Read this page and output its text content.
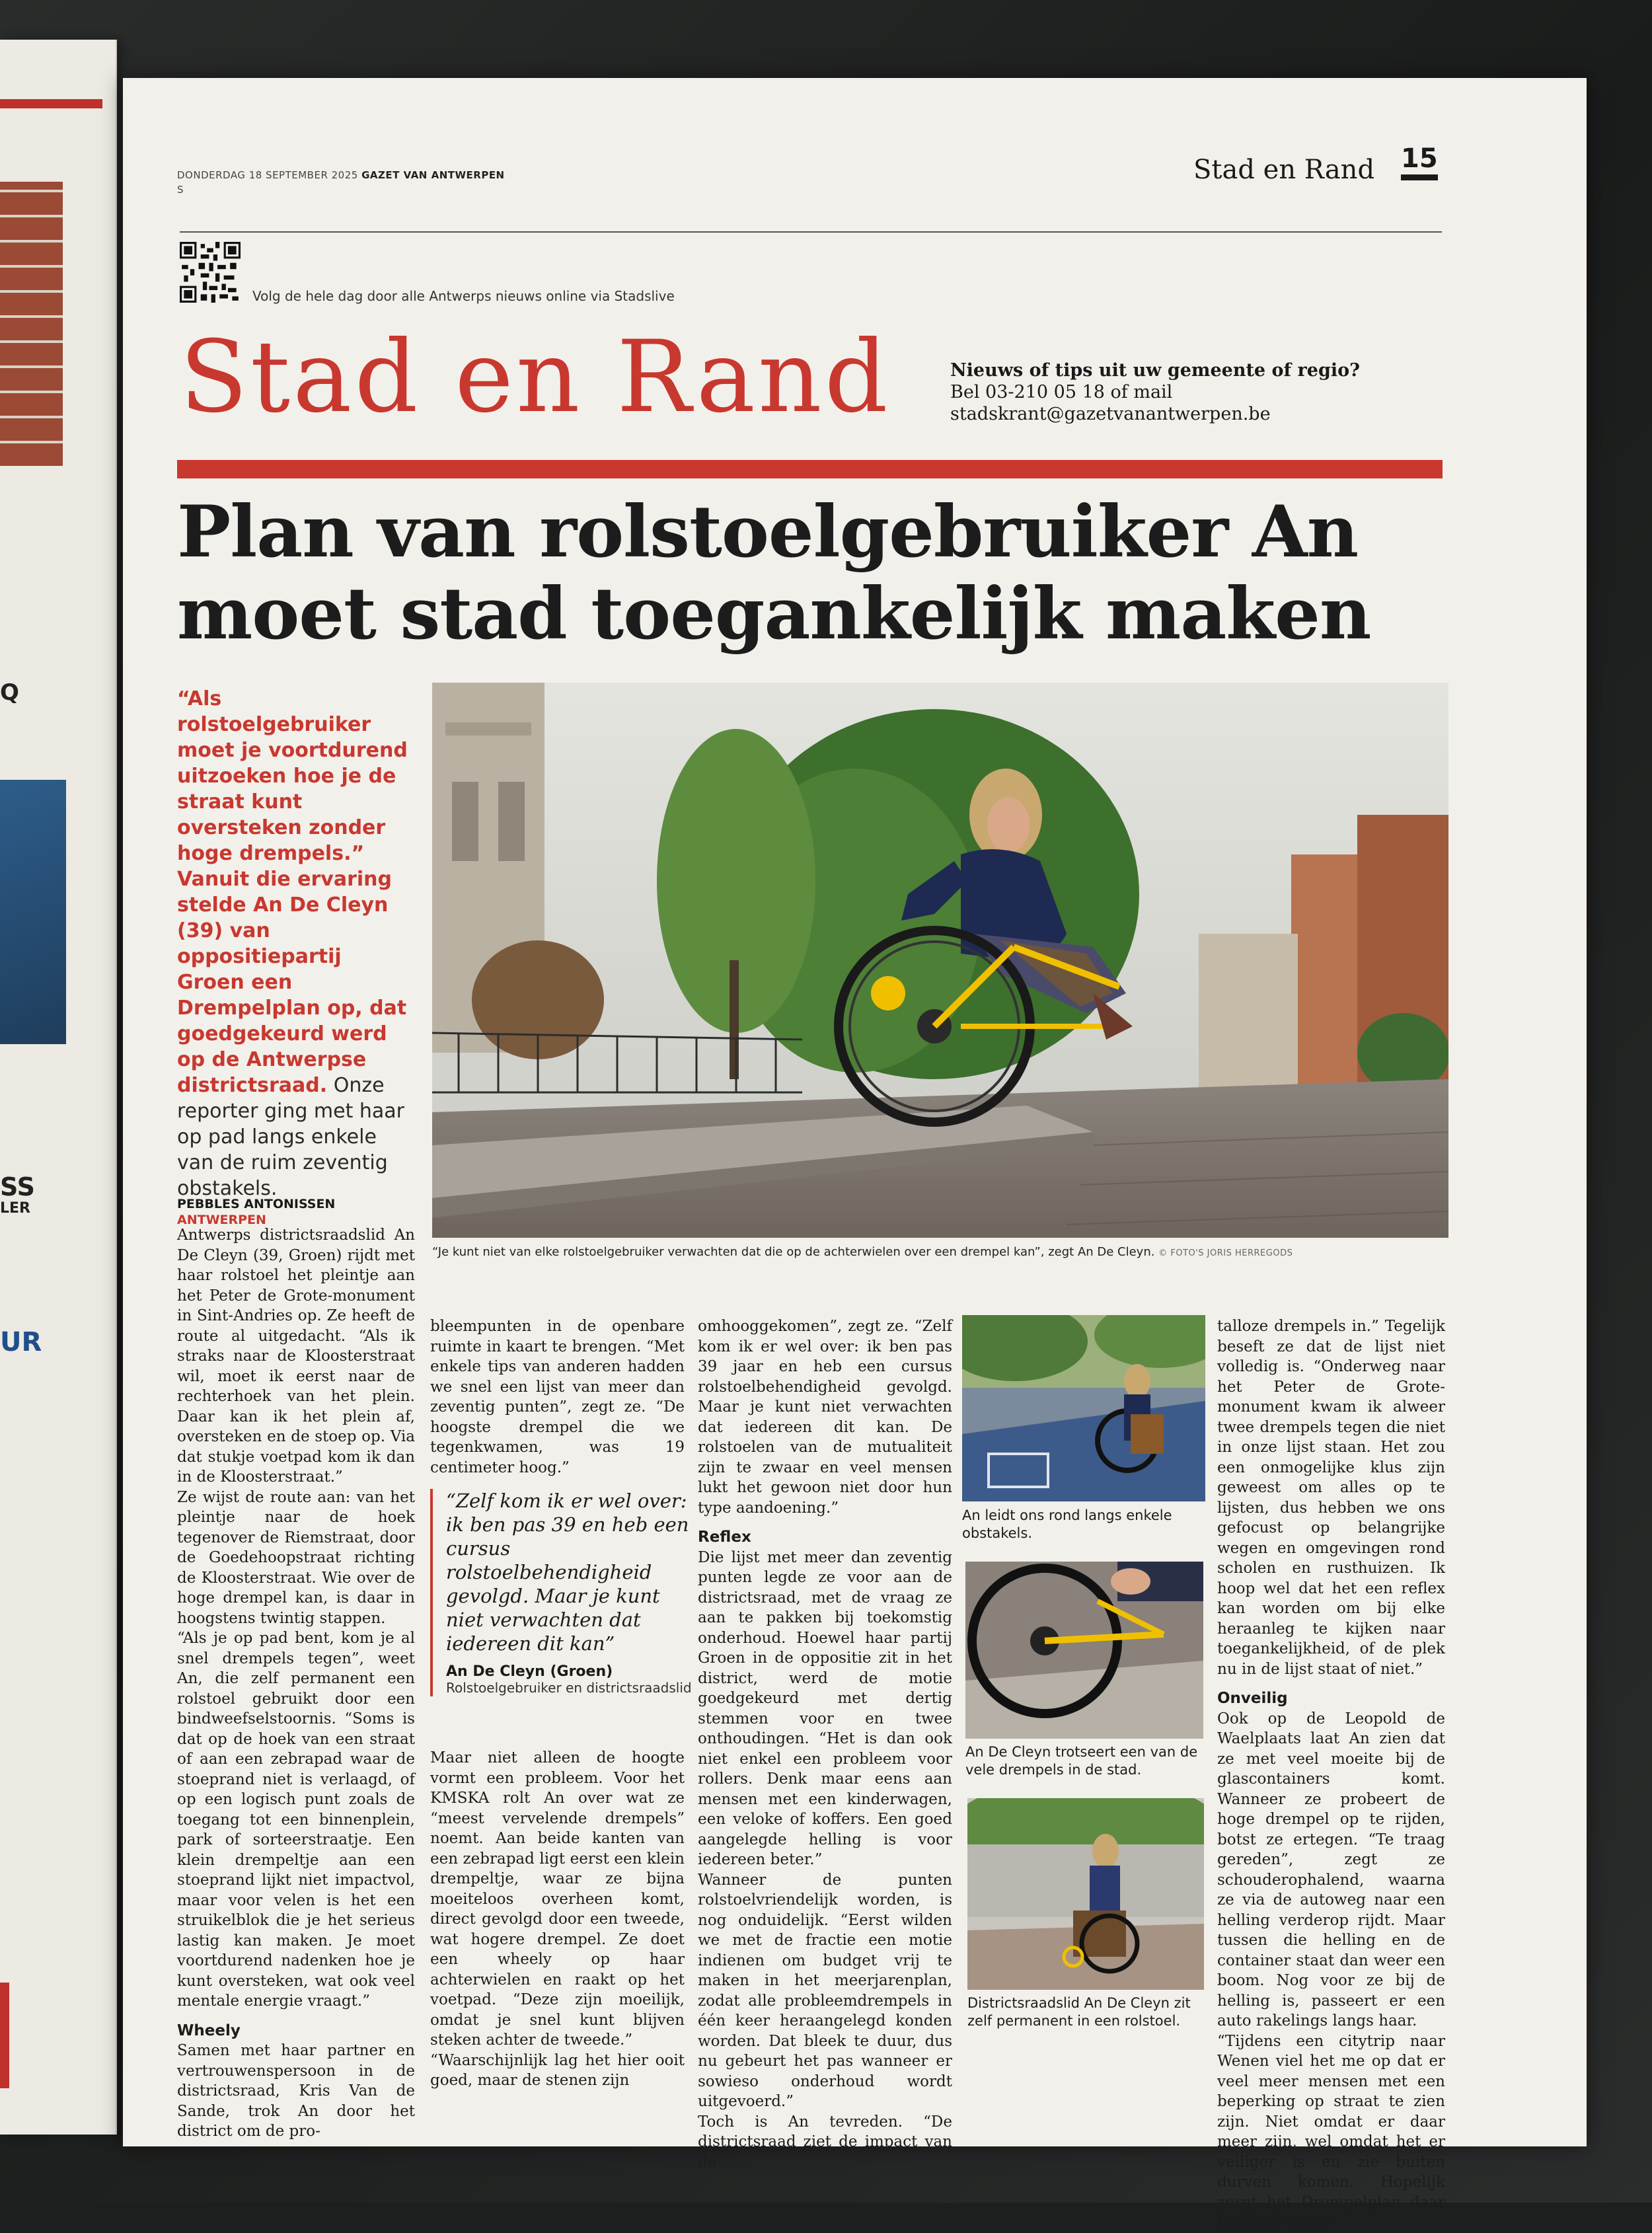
Q
SS
LER
UR
DONDERDAG 18 SEPTEMBER 2025 GAZET VAN ANTWERPEN
S
Stad en Rand 15
Volg de hele dag door alle Antwerps nieuws online via Stadslive
Stad en Rand	Nieuws of tips uit uw gemeente of regio?
Bel 03-210 05 18 of mail
stadskrant@gazetvanantwerpen.be
Plan van rolstoelgebruiker An
moet stad toegankelijk maken
“Als rolstoelgebruiker moet je voortdurend uitzoeken hoe je de straat kunt oversteken zonder hoge drempels.” Vanuit die ervaring stelde An De Cleyn (39) van oppositiepartij Groen een Drempelplan op, dat goedgekeurd werd op de Antwerpse districtsraad. Onze reporter ging met haar op pad langs enkele van de ruim zeventig obstakels.
PEBBLES ANTONISSEN
ANTWERPEN
“Je kunt niet van elke rolstoelgebruiker verwachten dat die op de achterwielen over een drempel kan”, zegt An De Cleyn. © FOTO'S JORIS HERREGODS

Antwerps districtsraadslid An De Cleyn (39, Groen) rijdt met haar rolstoel het pleintje aan het Peter de Grote-monument in Sint-Andries op. Ze heeft de route al uitgedacht. “Als ik straks naar de Kloosterstraat wil, moet ik eerst naar de rechterhoek van het plein. Daar kan ik het plein af, oversteken en de stoep op. Via dat stukje voetpad kom ik dan in de Kloosterstraat.”

Ze wijst de route aan: van het pleintje naar de hoek tegenover de Riemstraat, door de Goedehoopstraat richting de Kloosterstraat. Wie over de hoge drempel kan, is daar in hoogstens twintig stappen.

“Als je op pad bent, kom je al snel drempels tegen”, weet An, die zelf permanent een rolstoel gebruikt door een bindweefselstoornis. “Soms is dat op de hoek van een straat of aan een zebrapad waar de stoeprand niet is verlaagd, of op een logisch punt zoals de toegang tot een binnenplein, park of sorteerstraatje. Een klein drempeltje aan een stoeprand lijkt niet impactvol, maar voor velen is het een struikelblok die je het serieus lastig kan maken. Je moet voortdurend nadenken hoe je kunt oversteken, wat ook veel mentale energie vraagt.”

Wheely

Samen met haar partner en vertrouwenspersoon in de districtsraad, Kris Van de Sande, trok An door het district om de pro-

bleempunten in de openbare ruimte in kaart te brengen. “Met enkele tips van anderen hadden we snel een lijst van meer dan zeventig punten”, zegt ze. “De hoogste drempel die we tegenkwamen, was 19 centimeter hoog.”

“Zelf kom ik er wel over: ik ben pas 39 en heb een cursus rolstoelbehendigheid gevolgd. Maar je kunt niet verwachten dat iedereen dit kan”
An De Cleyn (Groen)
Rolstoelgebruiker en districtsraadslid

Maar niet alleen de hoogte vormt een probleem. Voor het KMSKA rolt An over wat ze “meest vervelende drempels” noemt. Aan beide kanten van een zebrapad ligt eerst een klein drempeltje, waar ze bijna moeiteloos overheen komt, direct gevolgd door een tweede, wat hogere drempel. Ze doet een wheely op haar achterwielen en raakt op het voetpad. “Deze zijn moeilijk, omdat je snel kunt blijven steken achter de tweede.”

“Waarschijnlijk lag het hier ooit goed, maar de stenen zijn

omhooggekomen”, zegt ze. “Zelf kom ik er wel over: ik ben pas 39 jaar en heb een cursus rolstoelbehendigheid gevolgd. Maar je kunt niet verwachten dat iedereen dit kan. De rolstoelen van de mutualiteit zijn te zwaar en veel mensen lukt het gewoon niet door hun type aandoening.”

Reflex

Die lijst met meer dan zeventig punten legde ze voor aan de districtsraad, met de vraag ze aan te pakken bij toekomstig onderhoud. Hoewel haar partij Groen in de oppositie zit in het district, werd de motie goedgekeurd met dertig stemmen voor en twee onthoudingen. “Het is dan ook niet enkel een probleem voor rollers. Denk maar eens aan mensen met een kinderwagen, een veloke of koffers. Een goed aangelegde helling is voor iedereen beter.”

Wanneer de punten rolstoelvriendelijk worden, is nog onduidelijk. “Eerst wilden we met de fractie een motie indienen om budget vrij te maken in het meerjarenplan, zodat alle probleemdrempels in één keer heraangelegd konden worden. Dat bleek te duur, dus nu gebeurt het pas wanneer er sowieso onderhoud wordt uitgevoerd.”

Toch is An tevreden. “De districtsraad ziet de impact van de

An leidt ons rond langs enkele obstakels.
An De Cleyn trotseert een van de vele drempels in de stad.
Districtsraadslid An De Cleyn zit zelf permanent in een rolstoel.

talloze drempels in.” Tegelijk beseft ze dat de lijst niet volledig is. “Onderweg naar het Peter de Grote-monument kwam ik alweer twee drempels tegen die niet in onze lijst staan. Het zou een onmogelijke klus zijn geweest om alles op te lijsten, dus hebben we ons gefocust op belangrijke wegen en omgevingen rond scholen en rusthuizen. Ik hoop wel dat het een reflex kan worden om bij elke heraanleg te kijken naar toegankelijkheid, of de plek nu in de lijst staat of niet.”

Onveilig

Ook op de Leopold de Waelplaats laat An zien dat ze met veel moeite bij de glascontainers komt. Wanneer ze probeert de hoge drempel op te rijden, botst ze ertegen. “Te traag gereden”, zegt ze schouderophalend, waarna ze via de autoweg naar een helling verderop rijdt. Maar tussen die helling en de container staat dan weer een boom. Nog voor ze bij de helling is, passeert er een auto rakelings langs haar.

“Tijdens een citytrip naar Wenen viel het me op dat er veel meer mensen met een beperking op straat te zien zijn. Niet omdat er daar meer zijn, wel omdat het er veiliger is en zie buiten durven komen. Hopelijk zorgt het Drempelplan daar hier ook voor.”
